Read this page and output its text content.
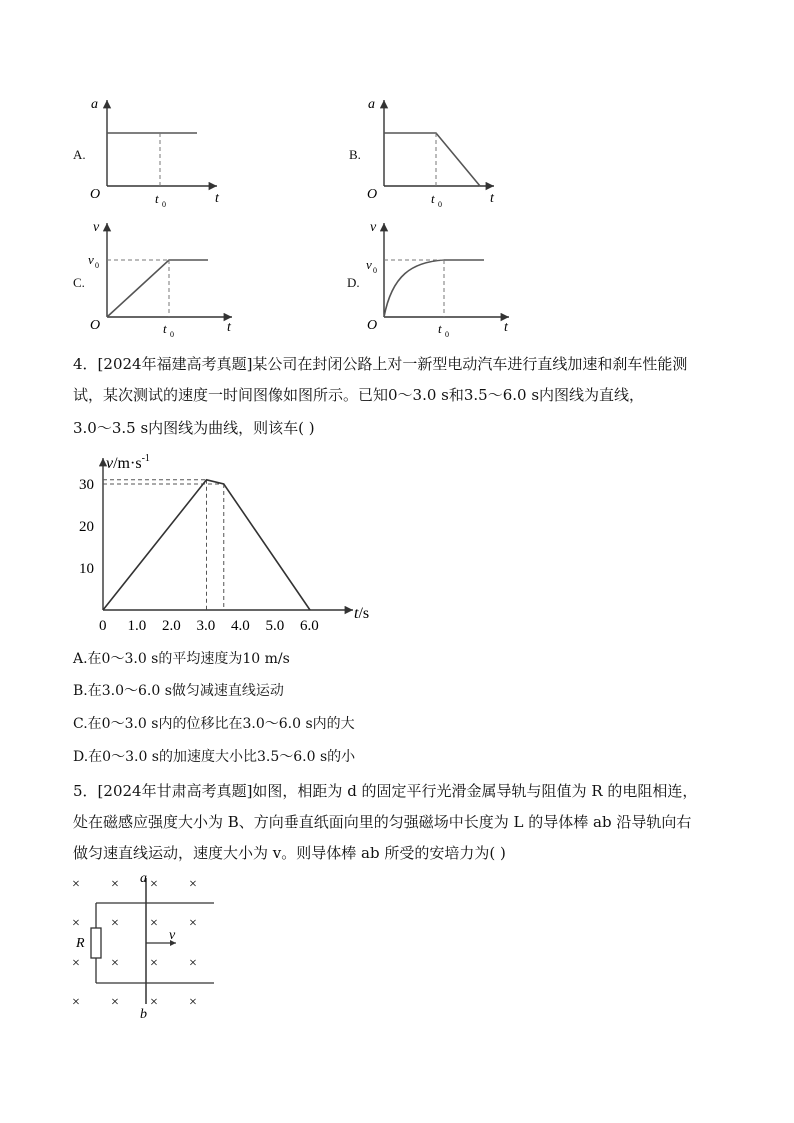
A.
a
O	t
t 0
B.
a
O	t
t 0
C.
v
O	t
v 0
t 0
D.
v
O	t
v 0
t 0
4．[2024年福建高考真题]某公司在封闭公路上对一新型电动汽车进行直线加速和刹车性能测
试，某次测试的速度一时间图像如图所示。已知0～3.0 s和3.5～6.0 s内图线为直线，
3.0～3.5 s内图线为曲线，则该车( )
$v/m\cdot s^{-1}$
t/s
0 1.0 2.0 3.0 4.0 5.0 6.0
10
20
30
A.在0～3.0 s的平均速度为10 m/s
B.在3.0～6.0 s做匀减速直线运动
C.在0～3.0 s内的位移比在3.0～6.0 s内的大
D.在0～3.0 s的加速度大小比3.5～6.0 s的小
5．[2024年甘肃高考真题]如图，相距为 d 的固定平行光滑金属导轨与阻值为 R 的电阻相连，
处在磁感应强度大小为 B、方向垂直纸面向里的匀强磁场中长度为 L 的导体棒 ab 沿导轨向右
做匀速直线运动，速度大小为 v。则导体棒 ab 所受的安培力为( )
a
b
R
v
× × × ×
× × × ×
× × × ×
× × × ×
